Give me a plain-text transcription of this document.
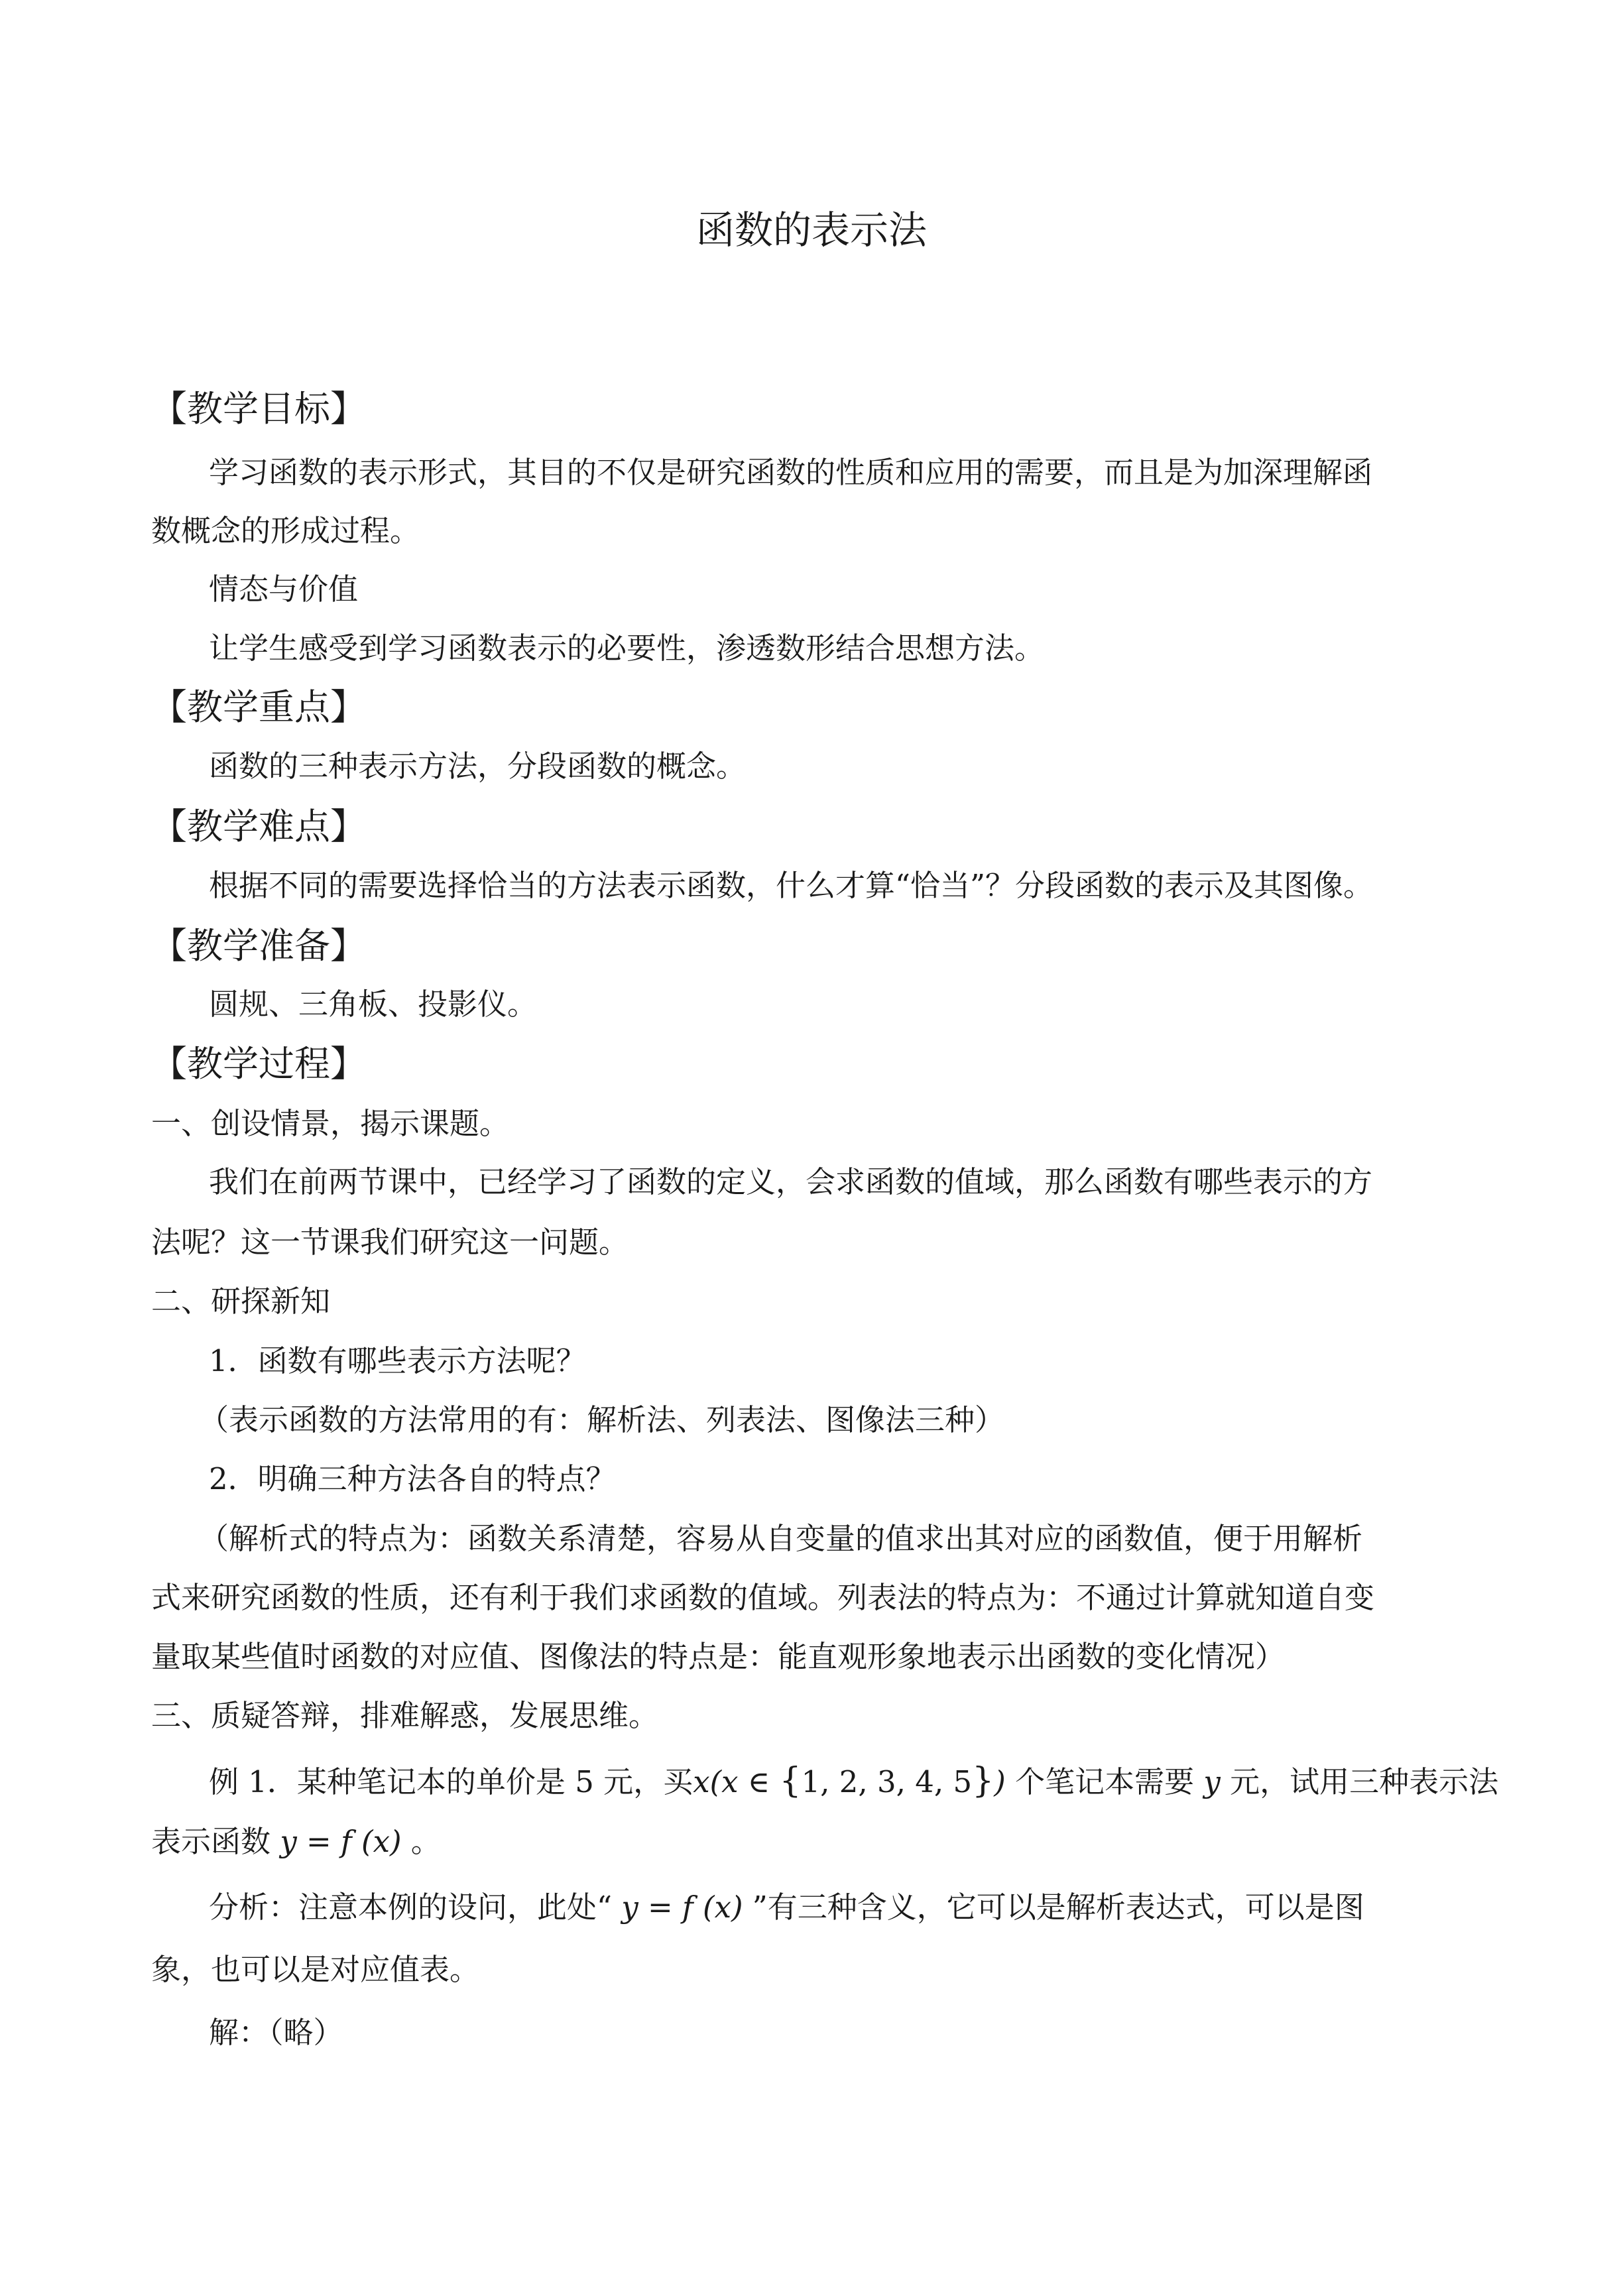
函数的表示法
【教学目标】
学习函数的表示形式，其目的不仅是研究函数的性质和应用的需要，而且是为加深理解函
数概念的形成过程。
情态与价值
让学生感受到学习函数表示的必要性，渗透数形结合思想方法。
【教学重点】
函数的三种表示方法，分段函数的概念。
【教学难点】
根据不同的需要选择恰当的方法表示函数，什么才算“恰当”？分段函数的表示及其图像。
【教学准备】
圆规、三角板、投影仪。
【教学过程】
一、创设情景，揭示课题。
我们在前两节课中，已经学习了函数的定义，会求函数的值域，那么函数有哪些表示的方
法呢？这一节课我们研究这一问题。
二、研探新知
1．函数有哪些表示方法呢？
（表示函数的方法常用的有：解析法、列表法、图像法三种）
2．明确三种方法各自的特点？
（解析式的特点为：函数关系清楚，容易从自变量的值求出其对应的函数值，便于用解析
式来研究函数的性质，还有利于我们求函数的值域。列表法的特点为：不通过计算就知道自变
量取某些值时函数的对应值、图像法的特点是：能直观形象地表示出函数的变化情况）
三、质疑答辩，排难解惑，发展思维。
例 1．某种笔记本的单价是 5 元，买x(x ∈ {1, 2, 3, 4, 5}) 个笔记本需要 y 元，试用三种表示法
表示函数 y = f (x) 。
分析：注意本例的设问，此处“ y = f (x) ”有三种含义，它可以是解析表达式，可以是图
象，也可以是对应值表。
解：（略）
